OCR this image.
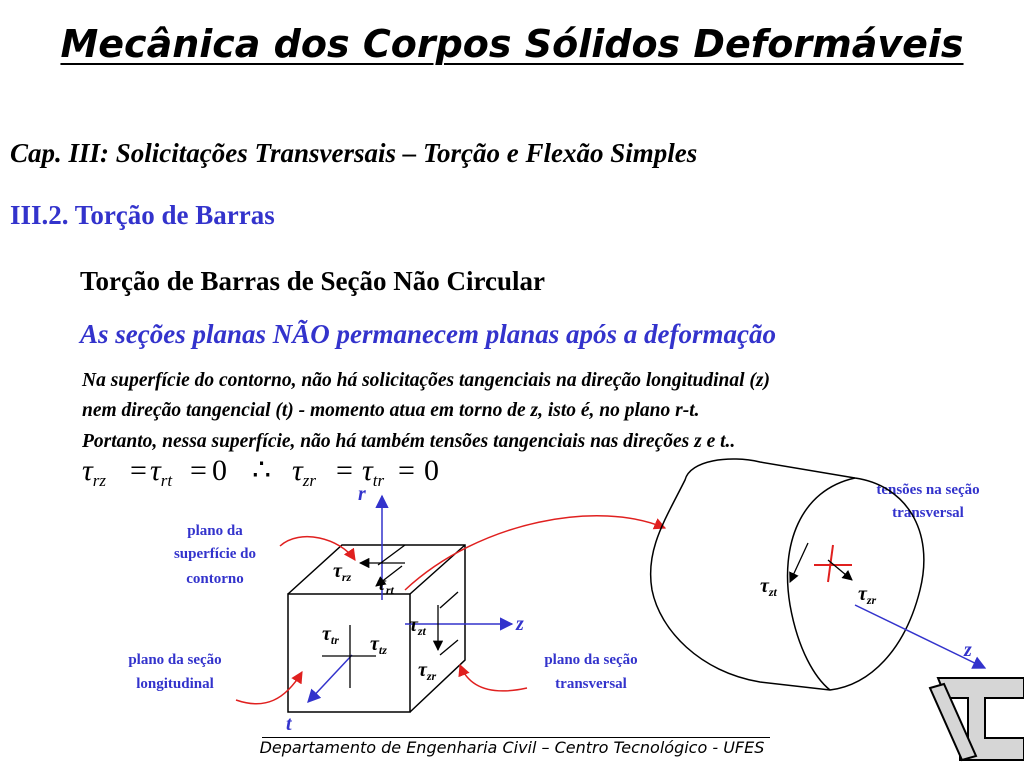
Mecânica dos Corpos Sólidos Deformáveis

Cap. III: Solicitações Transversais – Torção e Flexão Simples

III.2. Torção de Barras

Torção de Barras de Seção Não Circular

As seções planas NÃO permanecem planas após a deformação

Na superfície do contorno, não há solicitações tangenciais na direção longitudinal (z)

nem direção tangencial (t) - momento atua em torno de z, isto é, no plano r-t.

Portanto, nessa superfície, não há também tensões tangenciais nas direções z e t..

$\tau_{rz} = \tau_{rt} = 0$ ∴ $\tau_{zr} = \tau_{tr} = 0$
r
z
t
$\tau_{rz}$ $\tau_{rt}$
$\tau_{tr}$ $\tau_{tz}$
$\tau_{zt}$
$\tau_{zr}$
plano da
superfície do
contorno
plano da seção
longitudinal
plano da seção
transversal
tensões na seção
transversal
$\tau_{zt}$	$\tau_{zr}$
z

Departamento de Engenharia Civil – Centro Tecnológico - UFES
